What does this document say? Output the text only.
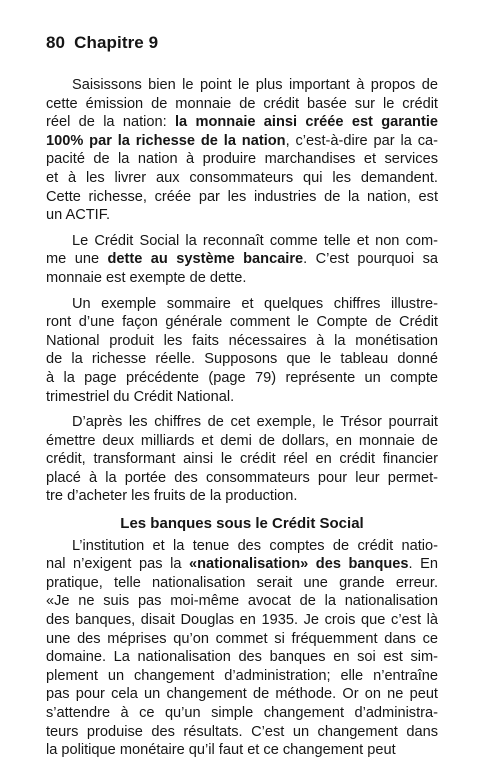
80 Chapitre 9
Saisissons bien le point le plus important à propos de
cette émission de monnaie de crédit basée sur le crédit
réel de la nation: la monnaie ainsi créée est garantie
100% par la richesse de la nation, c’est-à-dire par la ca-
pacité de la nation à produire marchandises et services
et à les livrer aux consommateurs qui les demandent.
Cette richesse, créée par les industries de la nation, est
un ACTIF.
Le Crédit Social la reconnaît comme telle et non com-
me une dette au système bancaire. C’est pourquoi sa
monnaie est exempte de dette.
Un exemple sommaire et quelques chiffres illustre-
ront d’une façon générale comment le Compte de Crédit
National produit les faits nécessaires à la monétisation
de la richesse réelle. Supposons que le tableau donné
à la page précédente (page 79) représente un compte
trimestriel du Crédit National.
D’après les chiffres de cet exemple, le Trésor pourrait
émettre deux milliards et demi de dollars, en monnaie de
crédit, transformant ainsi le crédit réel en crédit financier
placé à la portée des consommateurs pour leur permet-
tre d’acheter les fruits de la production.
Les banques sous le Crédit Social
L’institution et la tenue des comptes de crédit natio-
nal n’exigent pas la «nationalisation» des banques. En
pratique, telle nationalisation serait une grande erreur.
«Je ne suis pas moi-même avocat de la nationalisation
des banques, disait Douglas en 1935. Je crois que c’est là
une des méprises qu’on commet si fréquemment dans ce
domaine. La nationalisation des banques en soi est sim-
plement un changement d’administration; elle n’entraîne
pas pour cela un changement de méthode. Or on ne peut
s’attendre à ce qu’un simple changement d’administra-
teurs produise des résultats. C’est un changement dans
la politique monétaire qu’il faut et ce changement peut
